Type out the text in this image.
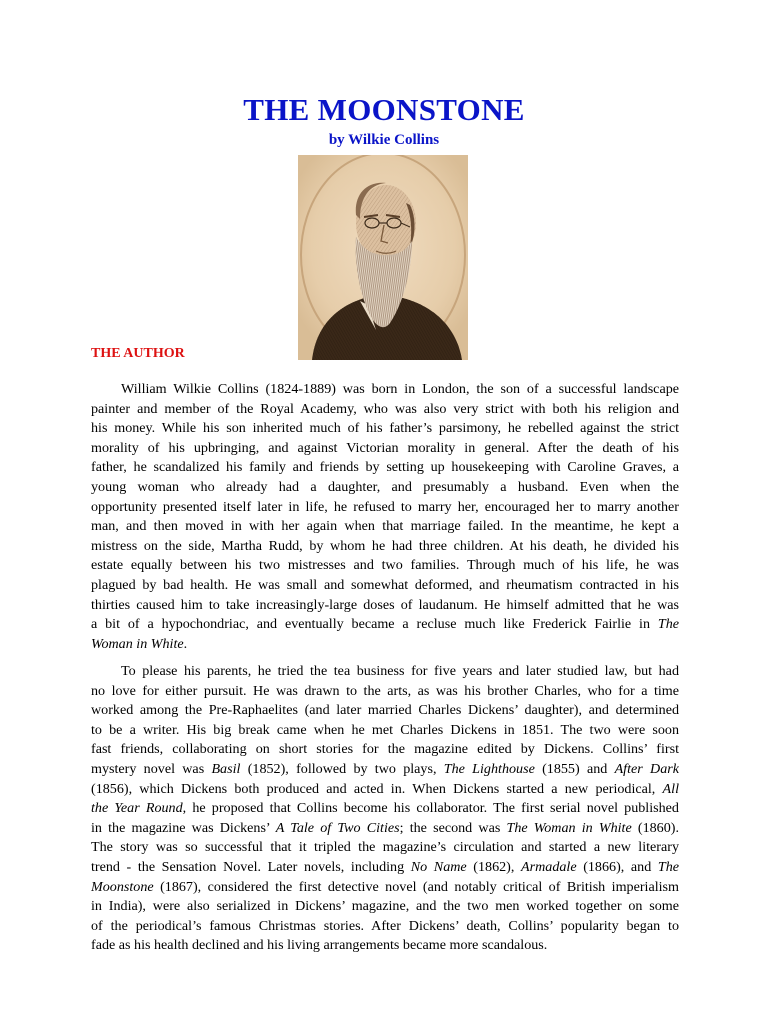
THE MOONSTONE
by Wilkie Collins
THE AUTHOR
William Wilkie Collins (1824-1889) was born in London, the son of a successful landscape
painter and member of the Royal Academy, who was also very strict with both his religion and
his money. While his son inherited much of his father’s parsimony, he rebelled against the strict
morality of his upbringing, and against Victorian morality in general. After the death of his
father, he scandalized his family and friends by setting up housekeeping with Caroline Graves, a
young woman who already had a daughter, and presumably a husband. Even when the
opportunity presented itself later in life, he refused to marry her, encouraged her to marry another
man, and then moved in with her again when that marriage failed. In the meantime, he kept a
mistress on the side, Martha Rudd, by whom he had three children. At his death, he divided his
estate equally between his two mistresses and two families. Through much of his life, he was
plagued by bad health. He was small and somewhat deformed, and rheumatism contracted in his
thirties caused him to take increasingly-large doses of laudanum. He himself admitted that he was
a bit of a hypochondriac, and eventually became a recluse much like Frederick Fairlie in The
Woman in White.
To please his parents, he tried the tea business for five years and later studied law, but had
no love for either pursuit. He was drawn to the arts, as was his brother Charles, who for a time
worked among the Pre-Raphaelites (and later married Charles Dickens’ daughter), and determined
to be a writer. His big break came when he met Charles Dickens in 1851. The two were soon
fast friends, collaborating on short stories for the magazine edited by Dickens. Collins’ first
mystery novel was Basil (1852), followed by two plays, The Lighthouse (1855) and After Dark
(1856), which Dickens both produced and acted in. When Dickens started a new periodical, All
the Year Round, he proposed that Collins become his collaborator. The first serial novel published
in the magazine was Dickens’ A Tale of Two Cities; the second was The Woman in White (1860).
The story was so successful that it tripled the magazine’s circulation and started a new literary
trend - the Sensation Novel. Later novels, including No Name (1862), Armadale (1866), and The
Moonstone (1867), considered the first detective novel (and notably critical of British imperialism
in India), were also serialized in Dickens’ magazine, and the two men worked together on some
of the periodical’s famous Christmas stories. After Dickens’ death, Collins’ popularity began to
fade as his health declined and his living arrangements became more scandalous.
